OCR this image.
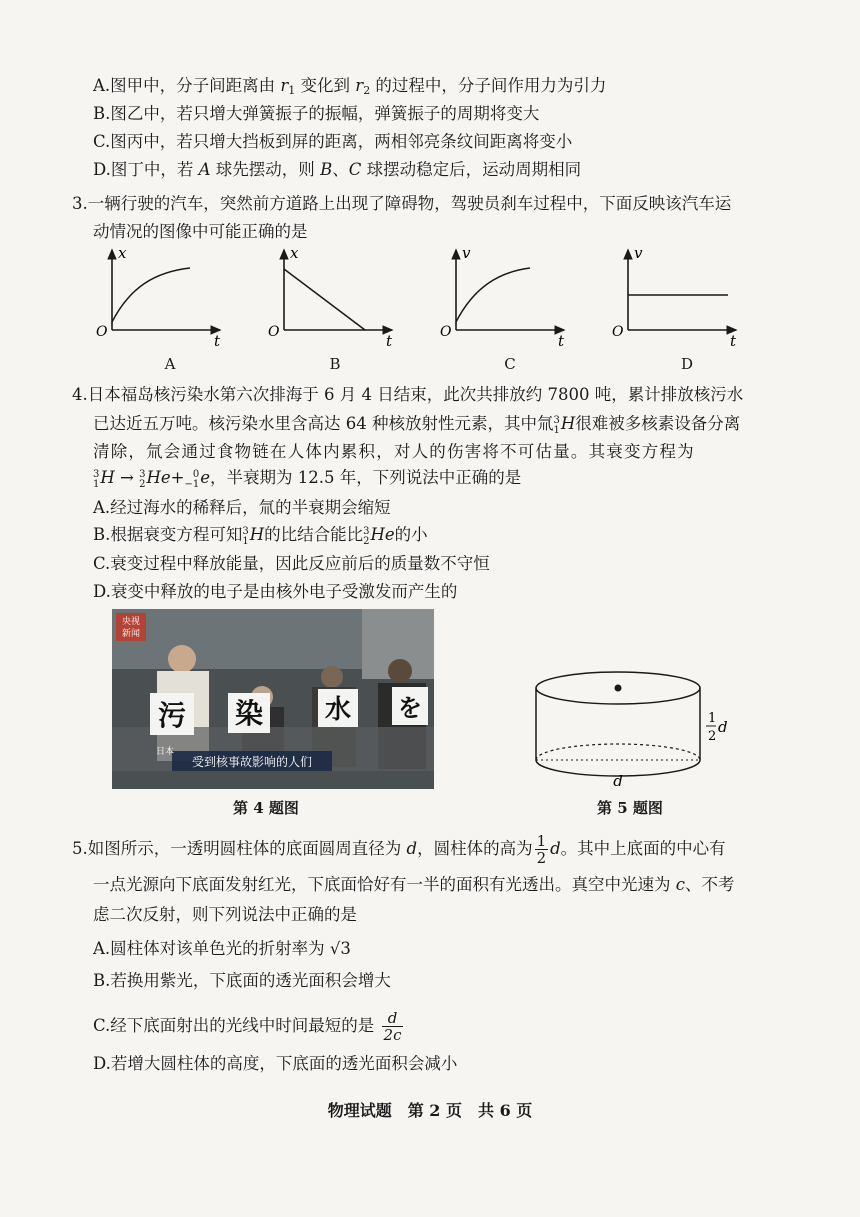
A.图甲中，分子间距离由 $r_1$ 变化到 $r_2$ 的过程中，分子间作用力为引力
B.图乙中，若只增大弹簧振子的振幅，弹簧振子的周期将变大
C.图丙中，若只增大挡板到屏的距离，两相邻亮条纹间距离将变小
D.图丁中，若 A 球先摆动，则 B、C 球摆动稳定后，运动周期相同
3.一辆行驶的汽车，突然前方道路上出现了障碍物，驾驶员刹车过程中，下面反映该汽车运
动情况的图像中可能正确的是
x
t
O
x
t
O
v
t
O
v
t
O
A	B	C	D
4.日本福岛核污染水第六次排海于 6 月 4 日结束，此次共排放约 7800 吨，累计排放核污水
已达近五万吨。核污染水里含高达 64 种核放射性元素，其中氚 3
1 H很难被多核素设备分离
清除，氚会通过食物链在人体内累积，对人的伤害将不可估量。其衰变方程为
3
1 H → 3
2 He+ 0
−1 e，半衰期为 12.5 年，下列说法中正确的是
A.经过海水的稀释后，氚的半衰期会缩短
B.根据衰变方程可知 3
1 H的比结合能比 3
2 He的小
C.衰变过程中释放能量，因此反应前后的质量数不守恒
D.衰变中释放的电子是由核外电子受激发而产生的
污 染 水 を
央视
新闻
日本
受到核事故影响的人们
第 4 题图
1
2
d
d
第 5 题图
5.如图所示，一透明圆柱体的底面圆周直径为 d，圆柱体的高为 $\frac{1}{2}$ d。其中上底面的中心有
一点光源向下底面发射红光，下底面恰好有一半的面积有光透出。真空中光速为 c、不考
虑二次反射，则下列说法中正确的是
A.圆柱体对该单色光的折射率为 √3
B.若换用紫光，下底面的透光面积会增大
C.经下底面射出的光线中时间最短的是 $\frac{d}{2c}$
D.若增大圆柱体的高度，下底面的透光面积会减小
物理试题　第 2 页　共 6 页
